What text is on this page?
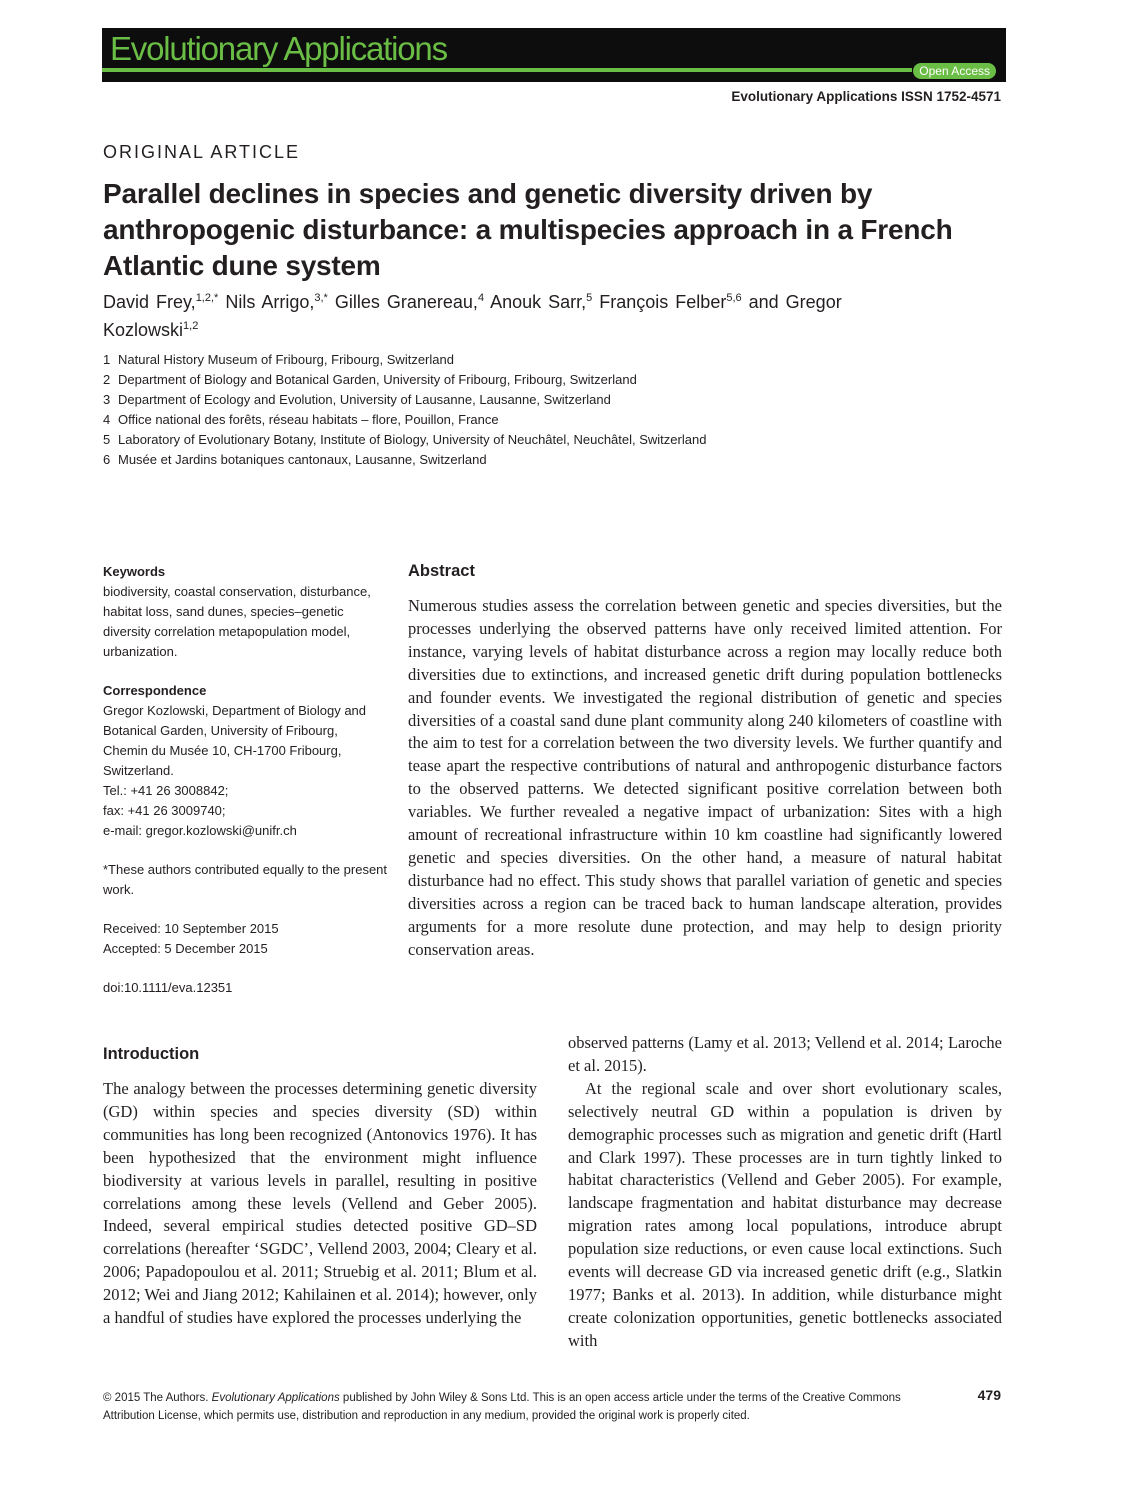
Evolutionary Applications
Open Access
Evolutionary Applications ISSN 1752-4571
ORIGINAL ARTICLE
Parallel declines in species and genetic diversity driven by anthropogenic disturbance: a multispecies approach in a French Atlantic dune system
David Frey,$^{1,2,*}$ Nils Arrigo,$^{3,*}$ Gilles Granereau,$^4$ Anouk Sarr,$^5$ François Felber$^{5,6}$ and Gregor Kozlowski$^{1,2}$
1 Natural History Museum of Fribourg, Fribourg, Switzerland
2 Department of Biology and Botanical Garden, University of Fribourg, Fribourg, Switzerland
3 Department of Ecology and Evolution, University of Lausanne, Lausanne, Switzerland
4 Office national des forêts, réseau habitats – flore, Pouillon, France
5 Laboratory of Evolutionary Botany, Institute of Biology, University of Neuchâtel, Neuchâtel, Switzerland
6 Musée et Jardins botaniques cantonaux, Lausanne, Switzerland
Keywords
biodiversity, coastal conservation, disturbance, habitat loss, sand dunes, species–genetic diversity correlation metapopulation model, urbanization.
Correspondence
Gregor Kozlowski, Department of Biology and
Botanical Garden, University of Fribourg,
Chemin du Musée 10, CH-1700 Fribourg,
Switzerland.
Tel.: +41 26 3008842;
fax: +41 26 3009740;
e-mail: gregor.kozlowski@unifr.ch
*These authors contributed equally to the present work.
Received: 10 September 2015
Accepted: 5 December 2015
doi:10.1111/eva.12351
Abstract

Numerous studies assess the correlation between genetic and species diversities, but the processes underlying the observed patterns have only received limited attention. For instance, varying levels of habitat disturbance across a region may locally reduce both diversities due to extinctions, and increased genetic drift during population bottlenecks and founder events. We investigated the regional distribution of genetic and species diversities of a coastal sand dune plant community along 240 kilometers of coastline with the aim to test for a correlation between the two diversity levels. We further quantify and tease apart the respective contributions of natural and anthropogenic disturbance factors to the observed patterns. We detected significant positive correlation between both variables. We further revealed a negative impact of urbanization: Sites with a high amount of recreational infrastructure within 10 km coastline had significantly lowered genetic and species diversities. On the other hand, a measure of natural habitat disturbance had no effect. This study shows that parallel variation of genetic and species diversities across a region can be traced back to human landscape alteration, provides arguments for a more resolute dune protection, and may help to design priority conservation areas.

Introduction

The analogy between the processes determining genetic diversity (GD) within species and species diversity (SD) within communities has long been recognized (Antonovics 1976). It has been hypothesized that the environment might influence biodiversity at various levels in parallel, resulting in positive correlations among these levels (Vellend and Geber 2005). Indeed, several empirical studies detected positive GD–SD correlations (hereafter ‘SGDC’, Vellend 2003, 2004; Cleary et al. 2006; Papadopoulou et al. 2011; Struebig et al. 2011; Blum et al. 2012; Wei and Jiang 2012; Kahilainen et al. 2014); however, only a handful of studies have explored the processes underlying the

observed patterns (Lamy et al. 2013; Vellend et al. 2014; Laroche et al. 2015).

At the regional scale and over short evolutionary scales, selectively neutral GD within a population is driven by demographic processes such as migration and genetic drift (Hartl and Clark 1997). These processes are in turn tightly linked to habitat characteristics (Vellend and Geber 2005). For example, landscape fragmentation and habitat disturbance may decrease migration rates among local populations, introduce abrupt population size reductions, or even cause local extinctions. Such events will decrease GD via increased genetic drift (e.g., Slatkin 1977; Banks et al. 2013). In addition, while disturbance might create colonization opportunities, genetic bottlenecks associated with

© 2015 The Authors. Evolutionary Applications published by John Wiley & Sons Ltd. This is an open access article under the terms of the Creative Commons Attribution License, which permits use, distribution and reproduction in any medium, provided the original work is properly cited.
479
